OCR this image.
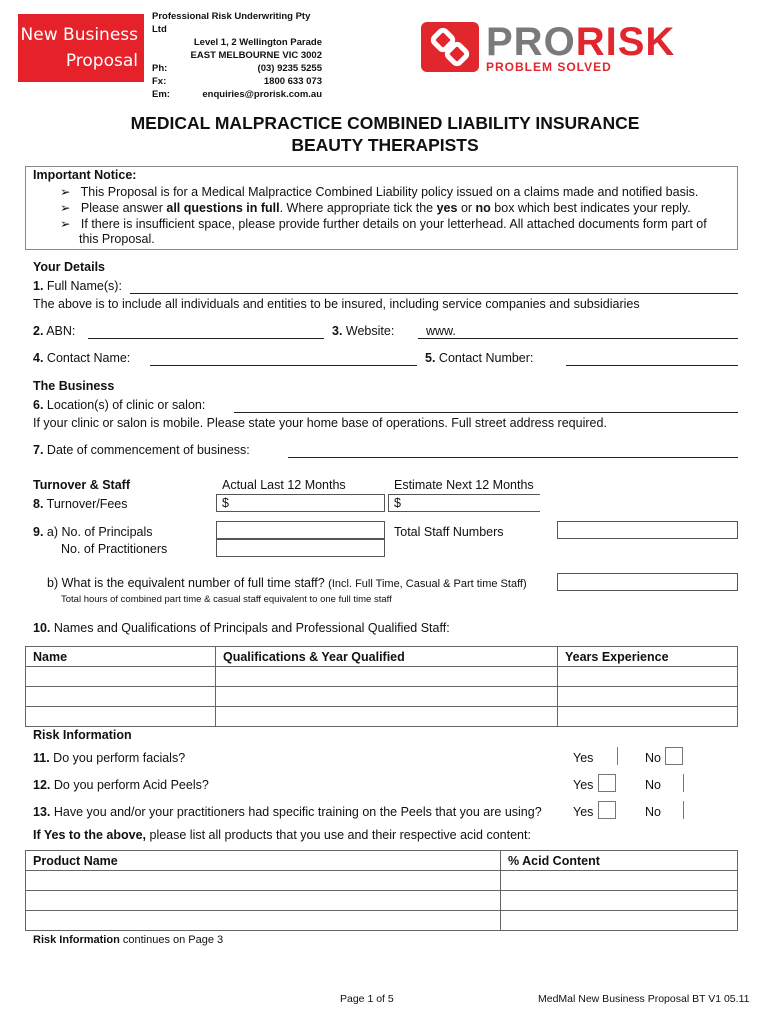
New Business
Proposal
Professional Risk Underwriting Pty Ltd
Level 1, 2 Wellington Parade
EAST MELBOURNE VIC 3002
Ph:	(03) 9235 5255
Fx:	1800 633 073
Em:	enquiries@prorisk.com.au
PRORISK
PROBLEM SOLVED
MEDICAL MALPRACTICE COMBINED LIABILITY INSURANCE
BEAUTY THERAPISTS
Important Notice:
➢   This Proposal is for a Medical Malpractice Combined Liability policy issued on a claims made and notified basis.
➢   Please answer all questions in full. Where appropriate tick the yes or no box which best indicates your reply.
➢   If there is insufficient space, please provide further details on your letterhead. All attached documents form part of
this Proposal.
Your Details
1. Full Name(s):
The above is to include all individuals and entities to be insured, including service companies and subsidiaries
2. ABN:	3. Website:	www.
4. Contact Name:	5. Contact Number:
The Business
6. Location(s) of clinic or salon:
If your clinic or salon is mobile. Please state your home base of operations. Full street address required.
7. Date of commencement of business:
Turnover & Staff	Actual Last 12 Months	Estimate Next 12 Months
8. Turnover/Fees	$	$
9. a) No. of Principals
No. of Practitioners
Total Staff Numbers
b) What is the equivalent number of full time staff? (Incl. Full Time, Casual & Part time Staff)
Total hours of combined part time & casual staff equivalent to one full time staff
10. Names and Qualifications of Principals and Professional Qualified Staff:
Name	Qualifications & Year Qualified	Years Experience

Risk Information
11. Do you perform facials?	Yes	No
12. Do you perform Acid Peels?	Yes	No
13. Have you and/or your practitioners had specific training on the Peels that you are using?	Yes	No
If Yes to the above, please list all products that you use and their respective acid content:
Product Name	% Acid Content

Risk Information continues on Page 3
Page 1 of 5	MedMal New Business Proposal BT V1 05.11
